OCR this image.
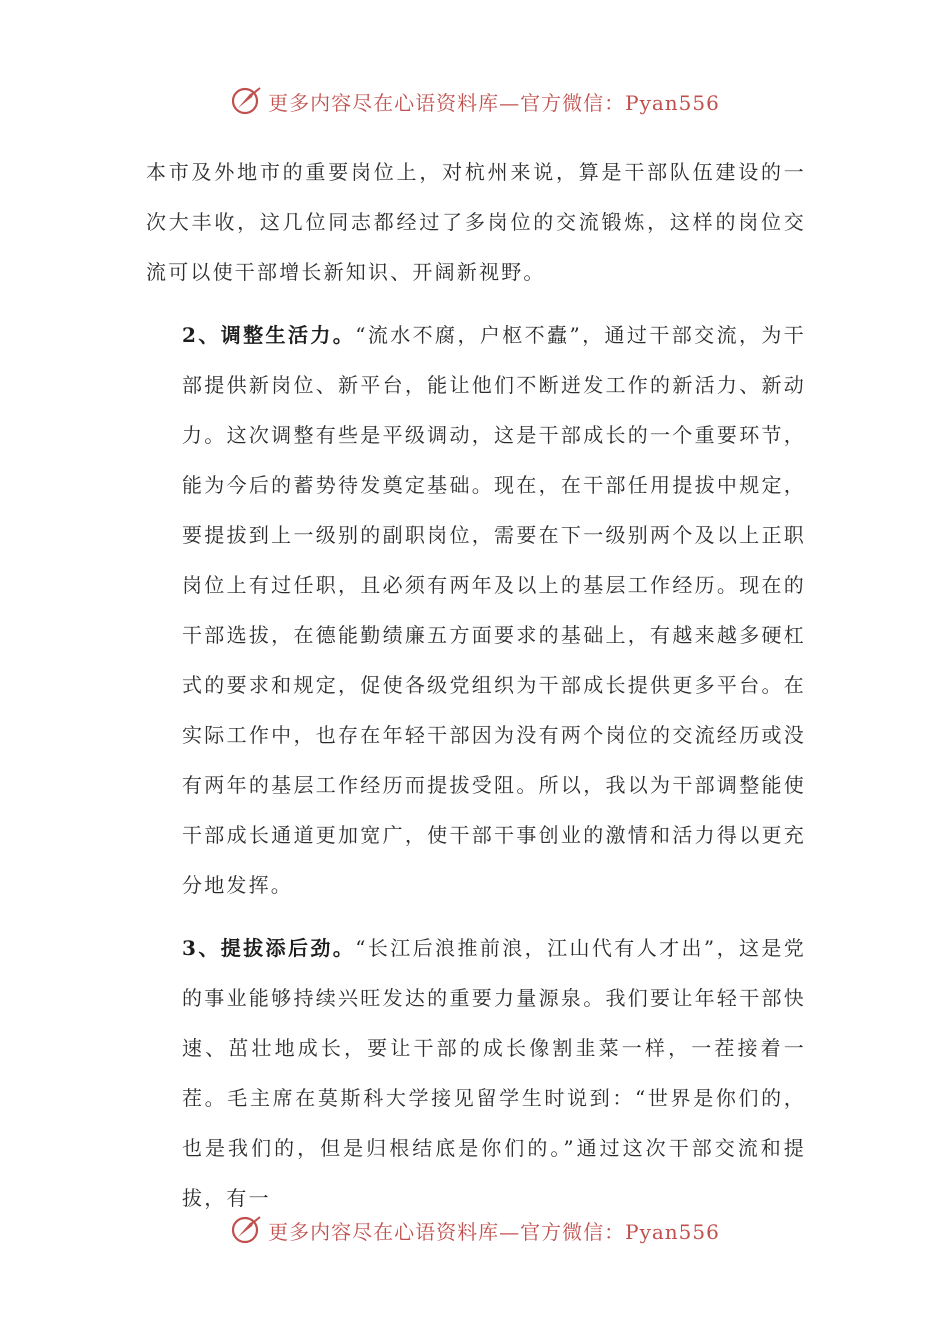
更多内容尽在心语资料库—官方微信：Pyan556

本市及外地市的重要岗位上，对杭州来说，算是干部队伍建设的一次大丰收，这几位同志都经过了多岗位的交流锻炼，这样的岗位交流可以使干部增长新知识、开阔新视野。

2、调整生活力。“流水不腐，户枢不蠹”，通过干部交流，为干部提供新岗位、新平台，能让他们不断迸发工作的新活力、新动力。这次调整有些是平级调动，这是干部成长的一个重要环节，能为今后的蓄势待发奠定基础。现在，在干部任用提拔中规定，要提拔到上一级别的副职岗位，需要在下一级别两个及以上正职岗位上有过任职，且必须有两年及以上的基层工作经历。现在的干部选拔，在德能勤绩廉五方面要求的基础上，有越来越多硬杠式的要求和规定，促使各级党组织为干部成长提供更多平台。在实际工作中，也存在年轻干部因为没有两个岗位的交流经历或没有两年的基层工作经历而提拔受阻。所以，我以为干部调整能使干部成长通道更加宽广，使干部干事创业的激情和活力得以更充分地发挥。

3、提拔添后劲。“长江后浪推前浪，江山代有人才出”，这是党的事业能够持续兴旺发达的重要力量源泉。我们要让年轻干部快速、茁壮地成长，要让干部的成长像割韭菜一样，一茬接着一茬。毛主席在莫斯科大学接见留学生时说到：“世界是你们的，也是我们的，但是归根结底是你们的。”通过这次干部交流和提拔，有一

更多内容尽在心语资料库—官方微信：Pyan556
